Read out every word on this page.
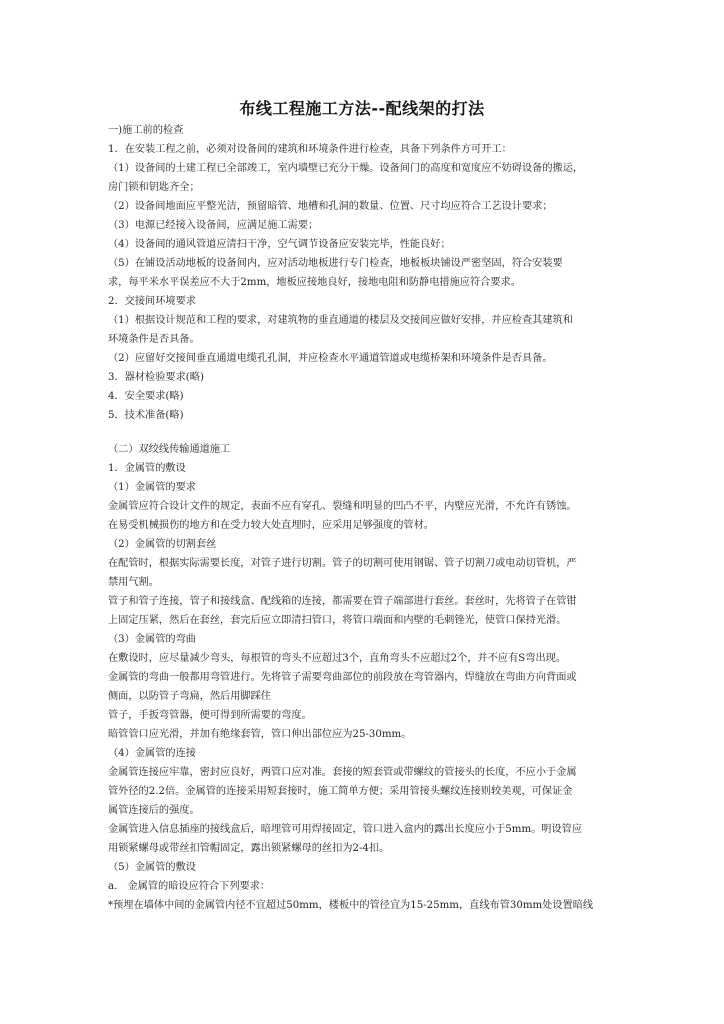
布线工程施工方法--配线架的打法
一)施工前的检查
1．在安装工程之前，必须对设备间的建筑和环境条件进行检查，具备下列条件方可开工：
（1）设备间的土建工程已全部竣工，室内墙壁已充分干燥。设备间门的高度和宽度应不妨碍设备的搬运，
房门锁和钥匙齐全；
（2）设备间地面应平整光洁，预留暗管、地槽和孔洞的数量、位置、尺寸均应符合工艺设计要求；
（3）电源已经接入设备间，应满足施工需要；
（4）设备间的通风管道应清扫干净，空气调节设备应安装完毕，性能良好；
（5）在铺设活动地板的设备间内，应对活动地板进行专门检查，地板板块铺设严密坚固，符合安装要
求，每平米水平误差应不大于2mm，地板应接地良好，接地电阻和防静电措施应符合要求。
2．交接间环境要求
（1）根据设计规范和工程的要求，对建筑物的垂直通道的楼层及交接间应做好安排，并应检查其建筑和
环境条件是否具备。
（2）应留好交接间垂直通道电缆孔孔洞，并应检查水平通道管道或电缆桥架和环境条件是否具备。
3．器材检验要求(略)
4．安全要求(略)
5．技术准备(略)
（二）双绞线传输通道施工
1．金属管的敷设
（1）金属管的要求
金属管应符合设计文件的规定，表面不应有穿孔、裂缝和明显的凹凸不平，内壁应光滑，不允许有锈蚀。
在易受机械损伤的地方和在受力较大处直埋时，应采用足够强度的管材。
（2）金属管的切割套丝
在配管时，根据实际需要长度，对管子进行切割。管子的切割可使用钢锯、管子切割刀或电动切管机，严
禁用气割。
管子和管子连接，管子和接线盒、配线箱的连接，都需要在管子端部进行套丝。套丝时，先将管子在管钳
上固定压紧，然后在套丝，套完后应立即清扫管口，将管口端面和内壁的毛刺锉光，使管口保持光滑。
（3）金属管的弯曲
在敷设时，应尽量减少弯头，每根管的弯头不应超过3个，直角弯头不应超过2个，并不应有S弯出现。
金属管的弯曲一般都用弯管进行。先将管子需要弯曲部位的前段放在弯管器内，焊缝放在弯曲方向背面或
侧面，以防管子弯扁，然后用脚踩住
管子，手扳弯管器，便可得到所需要的弯度。
暗管管口应光滑，并加有绝缘套管，管口伸出部位应为25-30mm。
（4）金属管的连接
金属管连接应牢靠，密封应良好，两管口应对准。套接的短套管或带螺纹的管接头的长度，不应小于金属
管外径的2.2倍。金属管的连接采用短套接时，施工简单方便；采用管接头螺纹连接则较美观，可保证金
属管连接后的强度。
金属管进入信息插座的接线盒后，暗埋管可用焊接固定，管口进入盒内的露出长度应小于5mm。明设管应
用锁紧螺母或带丝扣管帽固定，露出锁紧螺母的丝扣为2-4扣。
（5）金属管的敷设
a.　金属管的暗设应符合下列要求：
*预埋在墙体中间的金属管内径不宜超过50mm，楼板中的管径宜为15-25mm，直线布管30mm处设置暗线
